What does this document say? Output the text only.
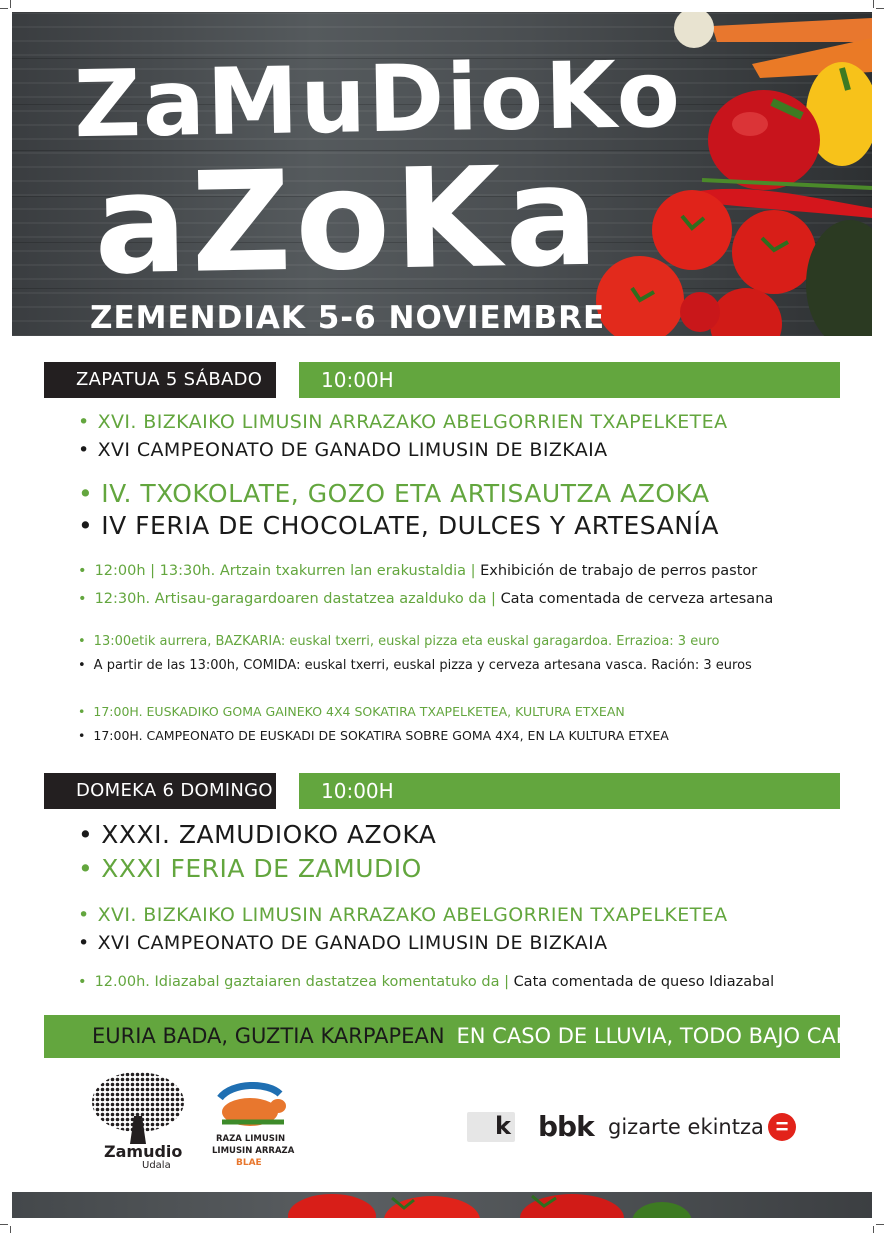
ZaMuDioKo
aZoKa
ZEMENDIAK 5-6 NOVIEMBRE
ZAPATUA 5 SÁBADO	10:00H
• XVI. BIZKAIKO LIMUSIN ARRAZAKO ABELGORRIEN TXAPELKETEA
• XVI CAMPEONATO DE GANADO LIMUSIN DE BIZKAIA
• IV. TXOKOLATE, GOZO ETA ARTISAUTZA AZOKA
• IV FERIA DE CHOCOLATE, DULCES Y ARTESANÍA
• 12:00h | 13:30h. Artzain txakurren lan erakustaldia | Exhibición de trabajo de perros pastor
• 12:30h. Artisau-garagardoaren dastatzea azalduko da | Cata comentada de cerveza artesana
• 13:00etik aurrera, BAZKARIA: euskal txerri, euskal pizza eta euskal garagardoa. Errazioa: 3 euro
• A partir de las 13:00h, COMIDA: euskal txerri, euskal pizza y cerveza artesana vasca. Ración: 3 euros
• 17:00H. EUSKADIKO GOMA GAINEKO 4X4 SOKATIRA TXAPELKETEA, KULTURA ETXEAN
• 17:00H. CAMPEONATO DE EUSKADI DE SOKATIRA SOBRE GOMA 4X4, EN LA KULTURA ETXEA
DOMEKA 6 DOMINGO	10:00H
• XXXI. ZAMUDIOKO AZOKA
• XXXI FERIA DE ZAMUDIO
• XVI. BIZKAIKO LIMUSIN ARRAZAKO ABELGORRIEN TXAPELKETEA
• XVI CAMPEONATO DE GANADO LIMUSIN DE BIZKAIA
• 12.00h. Idiazabal gaztaiaren dastatzea komentatuko da | Cata comentada de queso Idiazabal
EURIA BADA, GUZTIA KARPAPEAN EN CASO DE LLUVIA, TODO BAJO CARPA
Zamudio
Udala
RAZA LIMUSIN
LIMUSIN ARRAZA
BLAE
k bbk gizarte ekintza =
